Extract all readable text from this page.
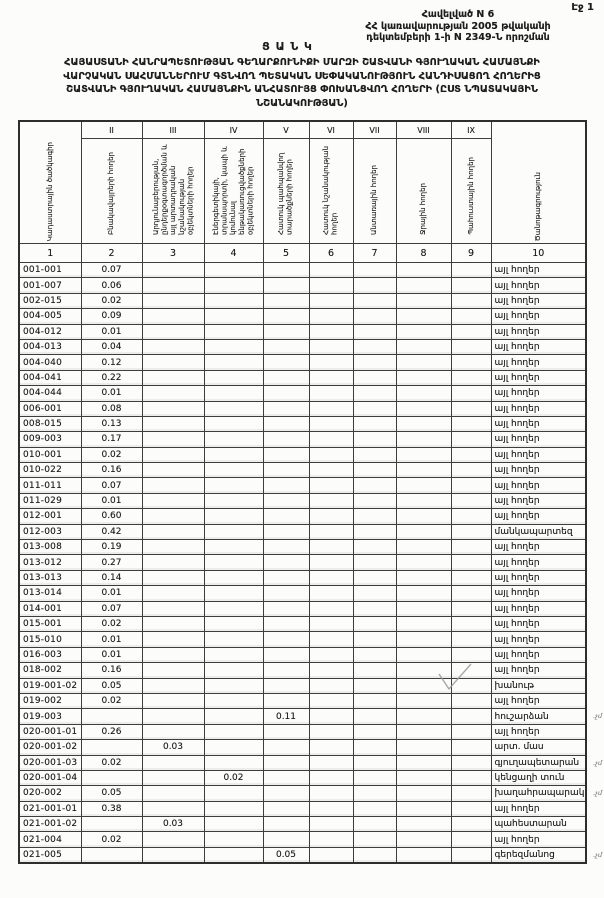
Էջ 1
Հավելված N 6
ՀՀ կառավարության 2005 թվականի
դեկտեմբերի 1-ի N 2349-Ն որոշման
Ց Ա Ն Կ
ՀԱՅԱՍՏԱՆԻ ՀԱՆՐԱՊԵՏՈՒԹՅԱՆ ԳԵՂԱՐՔՈՒՆԻՔԻ ՄԱՐԶԻ ՇԱՏՎԱՆԻ ԳՅՈՒՂԱԿԱՆ ՀԱՄԱՅՆՔԻ
ՎԱՐՉԱԿԱՆ ՍԱՀՄԱՆՆԵՐՈՒՄ ԳՏՆՎՈՂ ՊԵՏԱԿԱՆ ՍԵՓԱԿԱՆՈՒԹՅՈՒՆ ՀԱՆԴԻՍԱՑՈՂ ՀՈՂԵՐԻՑ
ՇԱՏՎԱՆԻ ԳՅՈՒՂԱԿԱՆ ՀԱՄԱՅՆՔԻՆ ԱՆՀԱՏՈՒՅՑ ՓՈԽԱՆՑՎՈՂ ՀՈՂԵՐԻ (ԸՍՏ ՆՊԱՏԱԿԱՅԻՆ
ՆՇԱՆԱԿՈՒԹՅԱՆ)
Կադաստրային ծածկագիր	II	III	IV	V	VI	VII	VIII	IX	Ծանոթագրություն
	Բնակավայրերի հողեր	Արդյունաբերության, ընդերքօգտագործման և այլ արտադրական նշանակության օբյեկտների հողեր	Էներգետիկայի, տրանսպորտի, կապի և կոմունալ ենթակառուցվածքների օբյեկտների հողեր	Հատուկ պահպանվող տարածքների հողեր	Հատուկ նշանակության հողեր	Անտառային հողեր	Ջրային հողեր	Պահուստային հողեր	
1	2	3	4	5	6	7	8	9	10
001-001	0.07								այլ հողեր
001-007	0.06								այլ հողեր
002-015	0.02								այլ հողեր
004-005	0.09								այլ հողեր
004-012	0.01								այլ հողեր
004-013	0.04								այլ հողեր
004-040	0.12								այլ հողեր
004-041	0.22								այլ հողեր
004-044	0.01								այլ հողեր
006-001	0.08								այլ հողեր
008-015	0.13								այլ հողեր
009-003	0.17								այլ հողեր
010-001	0.02								այլ հողեր
010-022	0.16								այլ հողեր
011-011	0.07								այլ հողեր
011-029	0.01								այլ հողեր
012-001	0.60								այլ հողեր
012-003	0.42								մանկապարտեզ
013-008	0.19								այլ հողեր
013-012	0.27								այլ հողեր
013-013	0.14								այլ հողեր
013-014	0.01								այլ հողեր
014-001	0.07								այլ հողեր
015-001	0.02								այլ հողեր
015-010	0.01								այլ հողեր
016-003	0.01								այլ հողեր
018-002	0.16								այլ հողեր
019-001-02	0.05								խանութ
019-002	0.02								այլ հողեր
019-003				0.11					հուշարձան .չմ

020-001-01	0.26								այլ հողեր
020-001-02		0.03							արտ. մաս
020-001-03	0.02								գյուղապետարան .չմ

020-001-04			0.02						կենցաղի տուն
020-002	0.05								խաղահրապարակ .չմ

021-001-01	0.38								այլ հողեր
021-001-02		0.03							պահեստարան
021-004	0.02								այլ հողեր
021-005				0.05					գերեզմանոց .չմ
